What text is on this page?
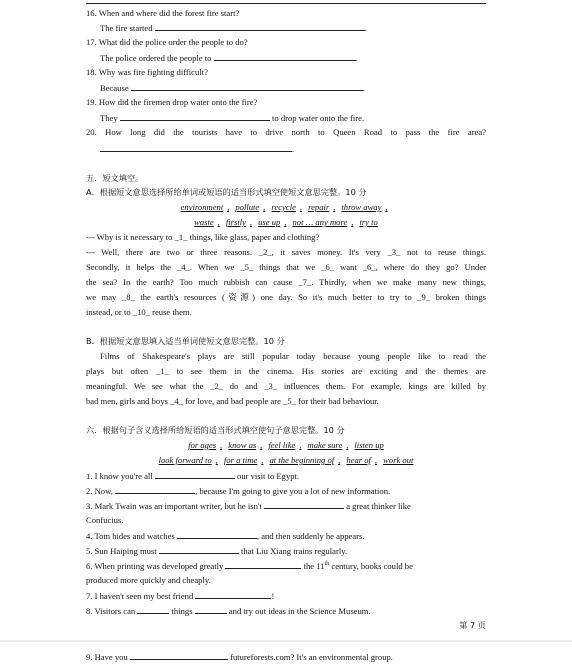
16. When and where did the forest fire start?
The fire started	.
17. What did the police order the people to do?
The police ordered the people to	.
18. Why was fire fighting difficult?
Because	.
19. How did the firemen drop water onto the fire?
They	to drop water onto the fire.
20. How long did the tourists have to drive north to Queen Road to pass the fire area?
.
五．短文填空。
A．根据短文意思选择所给单词或短语的适当形式填空使短文意思完整。10 分
environment , pollute , recycle , repair , throw away ,
waste , firstly , use up , not … any more , try to
--- Why is it necessary to _1_ things, like glass, paper and clothing?
--- Well, there are two or three reasons. _2_, it saves money. It's very _3_ not to reuse things.
Secondly, it helps the _4_. When we _5_ things that we _6_ want _6_, where do they go? Under
the sea? In the earth? Too much rubbish can cause _7_. Thirdly, when we make many new things,
we may _8_ the earth's resources (资源) one day. So it's much better to try to _9_ broken things
instead, or to _10_ reuse them.
B．根据短文意思填入适当单词使短文意思完整。10 分
Films of Shakespeare's plays are still popular today because young people like to read the
plays but often _1_ to see them in the cinema. His stories are exciting and the themes are
meaningful. We see what the _2_ do and _3_ influences them. For example, kings are killed by
bad men, girls and boys _4_ for love, and bad people are _5_ for their bad behaviour.
六．根据句子含义选择所给短语的适当形式填空使句子意思完整。10 分
for ages , know as , feel like , make sure , listen up
look forward to , for a time , at the beginning of , hear of , work out
1. I know you're all	our visit to Egypt.
2. Now,	, because I'm going to give you a lot of new information.
3. Mark Twain was an important writer, but he isn't	a great thinker like
Confucius.
4. Tom hides and watches	, and then suddenly he appears.
5. Sun Haiping must	that Liu Xiang trains regularly.
6. When printing was developed greatly	the 11th century, books could be
produced more quickly and cheaply.
7. I haven't seen my best friend	!
8. Visitors can	things	and try out ideas in the Science Museum.
第 7 页
9. Have you	futureforests.com? It's an environmental group.
